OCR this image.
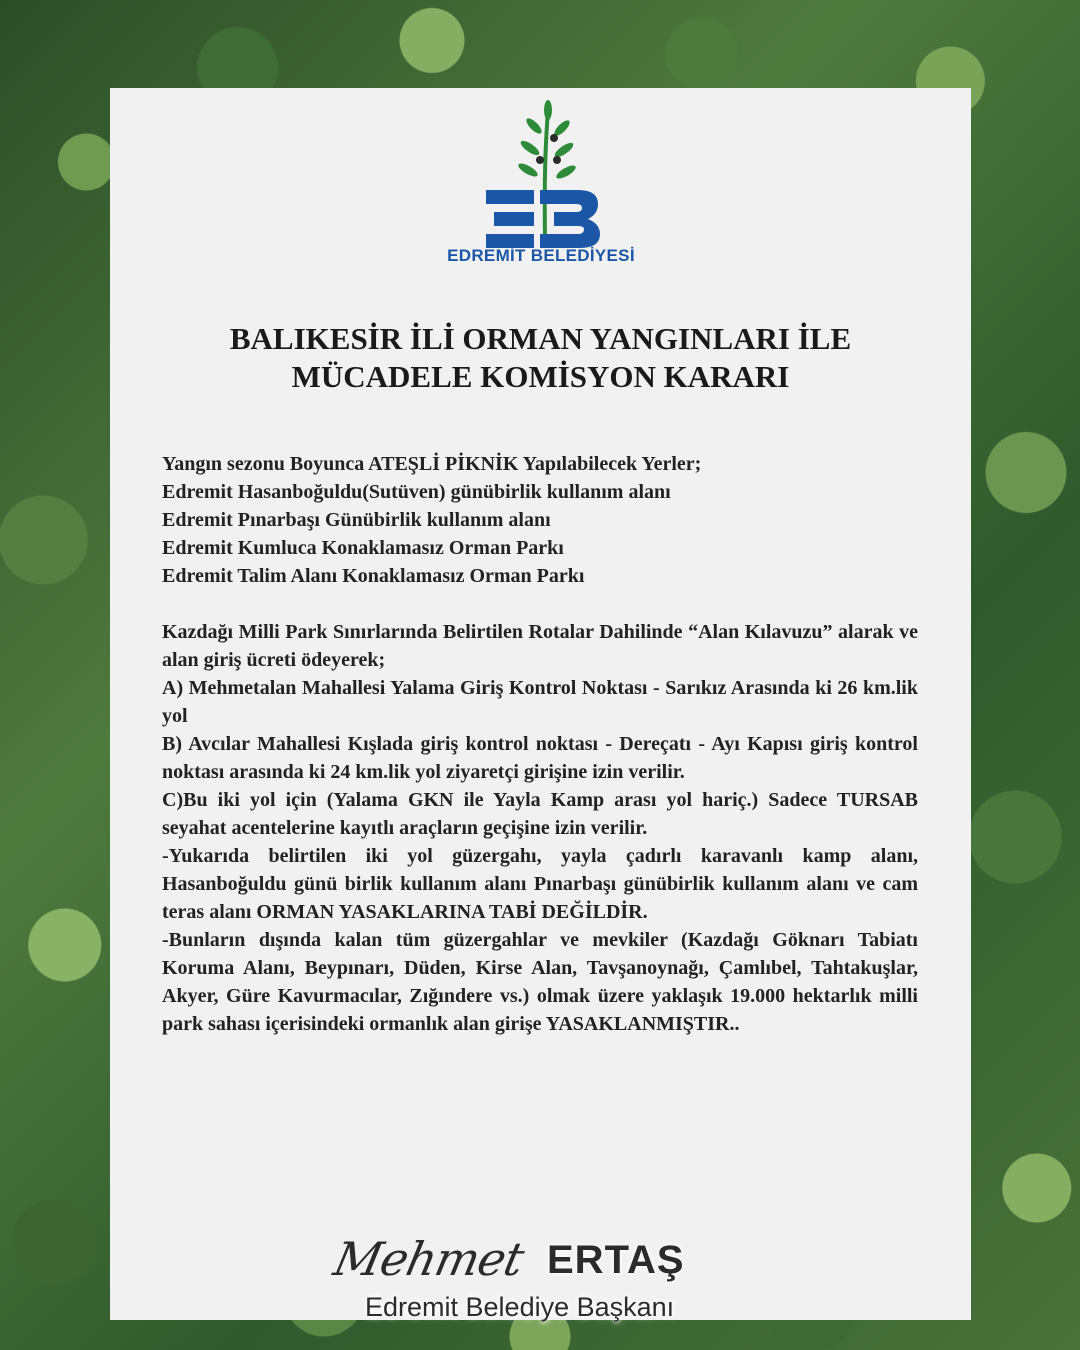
EDREMİT BELEDİYESİ
BALIKESİR İLİ ORMAN YANGINLARI İLE
MÜCADELE KOMİSYON KARARI

Yangın sezonu Boyunca ATEŞLİ PİKNİK Yapılabilecek Yerler;

Edremit Hasanboğuldu(Sutüven) günübirlik kullanım alanı

Edremit Pınarbaşı Günübirlik kullanım alanı

Edremit Kumluca Konaklamasız Orman Parkı

Edremit Talim Alanı Konaklamasız Orman Parkı

Kazdağı Milli Park Sınırlarında Belirtilen Rotalar Dahilinde “Alan Kılavuzu” alarak ve alan giriş ücreti ödeyerek;

A) Mehmetalan Mahallesi Yalama Giriş Kontrol Noktası - Sarıkız Arasında ki 26 km.lik yol

B) Avcılar Mahallesi Kışlada giriş kontrol noktası - Dereçatı - Ayı Kapısı giriş kontrol noktası arasında ki 24 km.lik yol ziyaretçi girişine izin verilir.

C)Bu iki yol için (Yalama GKN ile Yayla Kamp arası yol hariç.) Sadece TURSAB seyahat acentelerine kayıtlı araçların geçişine izin verilir.

-Yukarıda belirtilen iki yol güzergahı, yayla çadırlı karavanlı kamp alanı, Hasanboğuldu günü birlik kullanım alanı Pınarbaşı günübirlik kullanım alanı ve cam teras alanı ORMAN YASAKLARINA TABİ DEĞİLDİR.

-Bunların dışında kalan tüm güzergahlar ve mevkiler (Kazdağı Göknarı Tabiatı Koruma Alanı, Beypınarı, Düden, Kirse Alan, Tavşanoynağı, Çamlıbel, Tahtakuşlar, Akyer, Güre Kavurmacılar, Zığındere vs.) olmak üzere yaklaşık 19.000 hektarlık milli park sahası içerisindeki ormanlık alan girişe YASAKLANMIŞTIR..

Mehmet ERTAŞ
Edremit Belediye Başkanı
